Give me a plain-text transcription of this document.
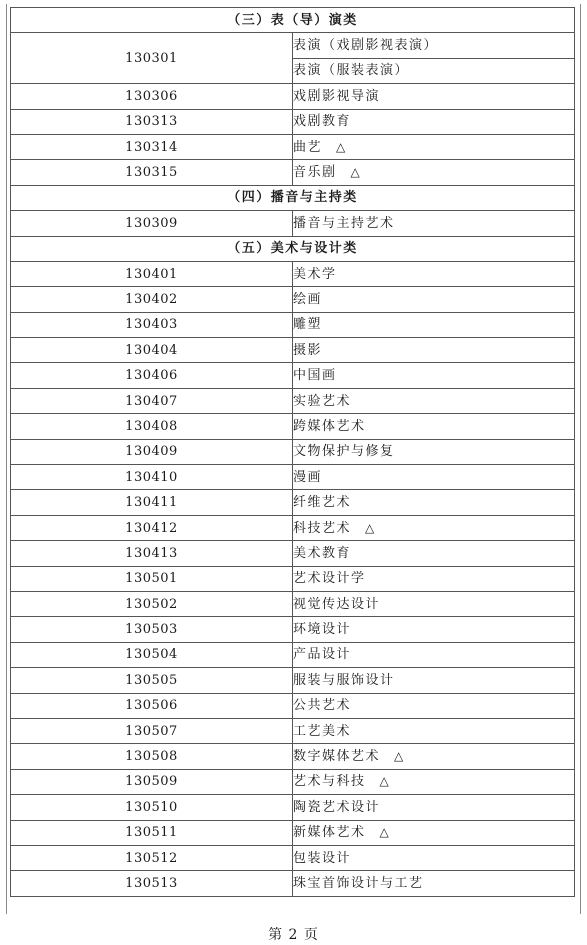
（三）表（导）演类	
130301	表演（戏剧影视表演）
	表演（服装表演）
130306	戏剧影视导演
130313	戏剧教育
130314	曲艺 △
130315	音乐剧 △
（四）播音与主持类	
130309	播音与主持艺术
（五）美术与设计类	
130401	美术学
130402	绘画
130403	雕塑
130404	摄影
130406	中国画
130407	实验艺术
130408	跨媒体艺术
130409	文物保护与修复
130410	漫画
130411	纤维艺术
130412	科技艺术 △
130413	美术教育
130501	艺术设计学
130502	视觉传达设计
130503	环境设计
130504	产品设计
130505	服装与服饰设计
130506	公共艺术
130507	工艺美术
130508	数字媒体艺术 △
130509	艺术与科技 △
130510	陶瓷艺术设计
130511	新媒体艺术 △
130512	包装设计
130513	珠宝首饰设计与工艺
第 2 页
